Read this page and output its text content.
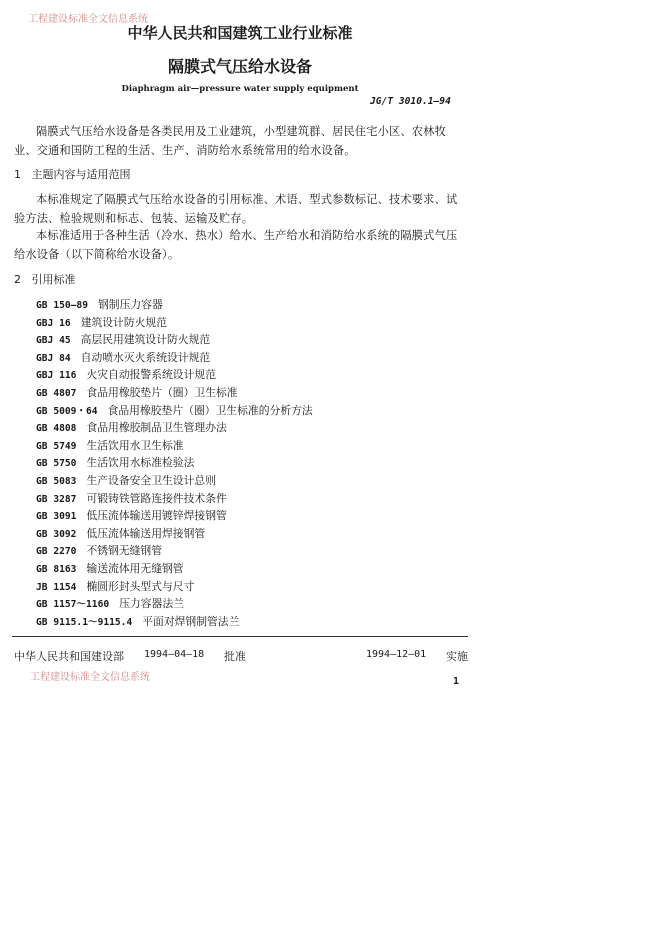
工程建设标准全文信息系统
中华人民共和国建筑工业行业标准
隔膜式气压给水设备
Diaphragm air—pressure water supply equipment
JG/T 3010.1—94
隔膜式气压给水设备是各类民用及工业建筑，小型建筑群、居民住宅小区、农林牧业、交通和国防工程的生活、生产、消防给水系统常用的给水设备。
1 主题内容与适用范围
本标准规定了隔膜式气压给水设备的引用标准、术语、型式参数标记、技术要求、试验方法、检验规则和标志、包装、运输及贮存。
本标准适用于各种生活（冷水、热水）给水、生产给水和消防给水系统的隔膜式气压给水设备（以下简称给水设备）。
2 引用标准
GB 150—89 钢制压力容器
GBJ 16 建筑设计防火规范
GBJ 45 高层民用建筑设计防火规范
GBJ 84 自动喷水灭火系统设计规范
GBJ 116 火灾自动报警系统设计规范
GB 4807 食品用橡胶垫片（圈）卫生标准
GB 5009・64 食品用橡胶垫片（圈）卫生标准的分析方法
GB 4808 食品用橡胶制品卫生管理办法
GB 5749 生活饮用水卫生标准
GB 5750 生活饮用水标准检验法
GB 5083 生产设备安全卫生设计总则
GB 3287 可锻铸铁管路连接件技术条件
GB 3091 低压流体输送用镀锌焊接钢管
GB 3092 低压流体输送用焊接钢管
GB 2270 不锈钢无缝钢管
GB 8163 输送流体用无缝钢管
JB 1154 椭圆形封头型式与尺寸
GB 1157～1160 压力容器法兰
GB 9115.1～9115.4 平面对焊钢制管法兰
中华人民共和国建设部 1994—04—18 批准	1994—12—01 实施
工程建设标准全文信息系统	1
